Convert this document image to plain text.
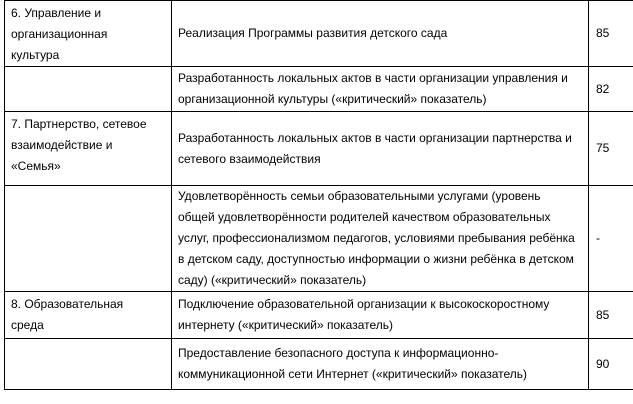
6. Управление и
организационная
культура	Реализация Программы развития детского сада	85

	Разработанность локальных актов в части организации управления и
организационной культуры («критический» показатель)	82

7. Партнерство, сетевое
взаимодействие и
«Семья»	Разработанность локальных актов в части организации партнерства и
сетевого взаимодействия	75

	Удовлетворённость семьи образовательными услугами (уровень
общей удовлетворённости родителей качеством образовательных
услуг, профессионализмом педагогов, условиями пребывания ребёнка
в детском саду, доступностью информации о жизни ребёнка в детском
саду) («критический» показатель)	-

8. Образовательная
среда	Подключение образовательной организации к высокоскоростному
интернету («критический» показатель)	85

	Предоставление безопасного доступа к информационно-
коммуникационной сети Интернет («критический» показатель)	90
